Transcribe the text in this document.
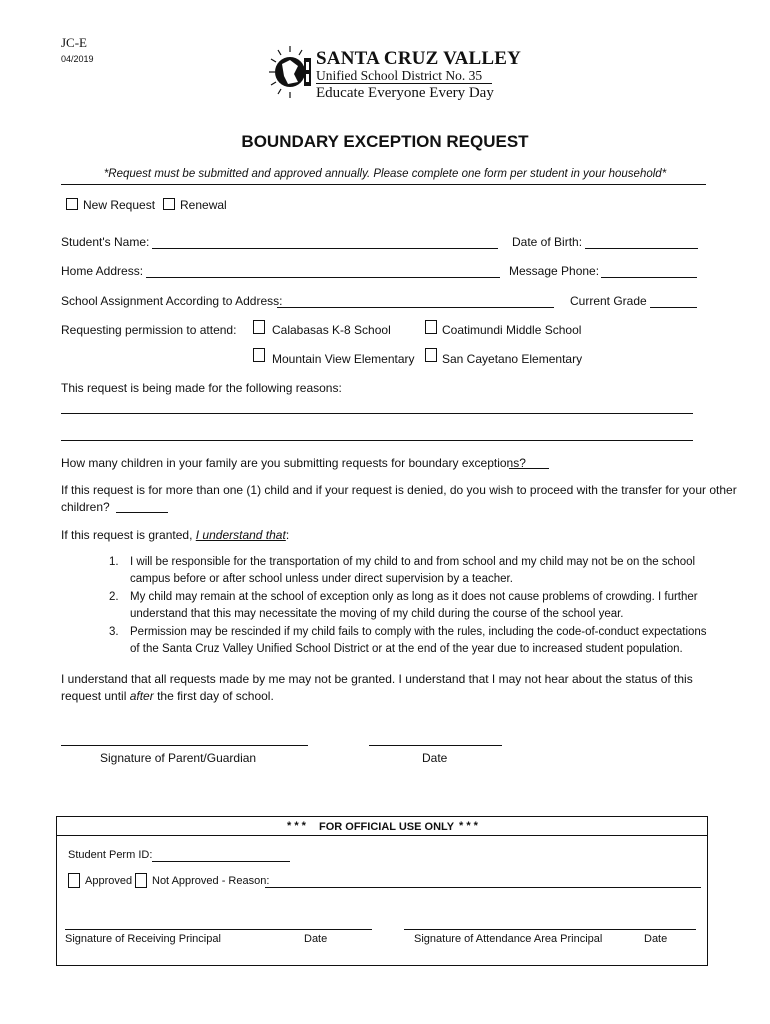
JC-E
04/2019	SANTA CRUZ VALLEY
Unified School District No. 35
Educate Everyone Every Day
BOUNDARY EXCEPTION REQUEST
*Request must be submitted and approved annually. Please complete one form per student in your household*
New Request Renewal
Student's Name:	Date of Birth:
Home Address:	Message Phone:
School Assignment According to Address:	Current Grade
Requesting permission to attend:	Calabasas K-8 School	Coatimundi Middle School
Mountain View Elementary San Cayetano Elementary
This request is being made for the following reasons:
How many children in your family are you submitting requests for boundary exceptions?
If this request is for more than one (1) child and if your request is denied, do you wish to proceed with the transfer for your other
children?
If this request is granted, I understand that:
1. I will be responsible for the transportation of my child to and from school and my child may not be on the school
campus before or after school unless under direct supervision by a teacher.
2. My child may remain at the school of exception only as long as it does not cause problems of crowding. I further
understand that this may necessitate the moving of my child during the course of the school year.
3. Permission may be rescinded if my child fails to comply with the rules, including the code-of-conduct expectations
of the Santa Cruz Valley Unified School District or at the end of the year due to increased student population.
I understand that all requests made by me may not be granted. I understand that I may not hear about the status of this
request until after the first day of school.
Signature of Parent/Guardian	Date
* * * FOR OFFICIAL USE ONLY * * *
Student Perm ID:
Approved Not Approved - Reason:
Signature of Receiving Principal	Date	Signature of Attendance Area Principal	Date
